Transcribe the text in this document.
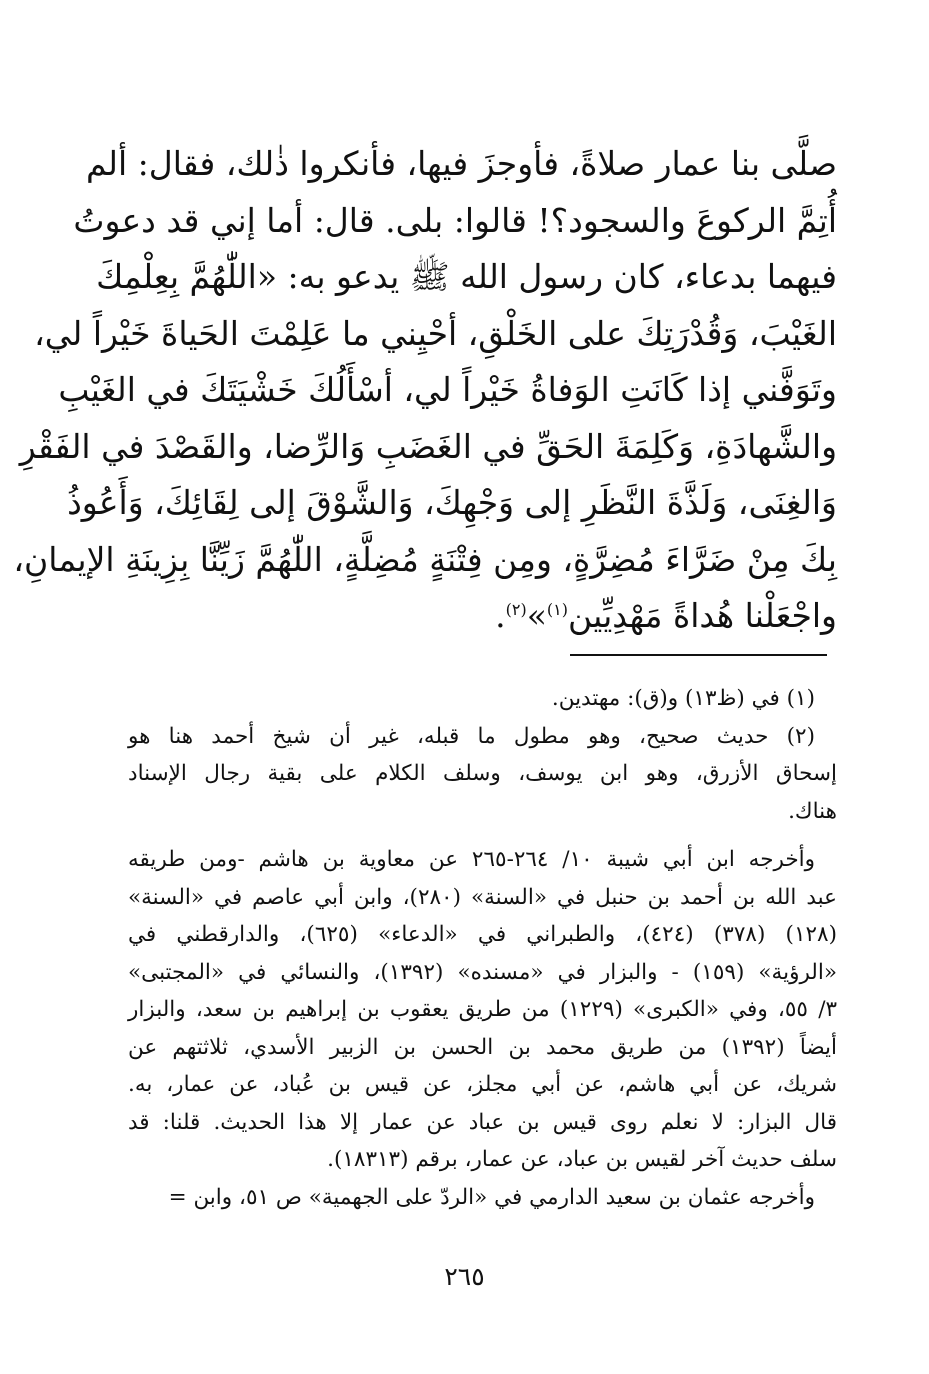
صلَّى بنا عمار صلاةً، فأوجزَ فيها، فأنكروا ذٰلك، فقال: ألم
أُتِمَّ الركوعَ والسجود؟! قالوا: بلى. قال: أما إني قد دعوتُ
فيهما بدعاء، كان رسول الله ﷺ يدعو به: «اللّٰهُمَّ بِعِلْمِكَ
الغَيْبَ، وَقُدْرَتِكَ على الخَلْقِ، أحْيِني ما عَلِمْتَ الحَياةَ خَيْراً لي،
وتَوَفَّني إذا كَانَتِ الوَفاةُ خَيْراً لي، أسْأَلُكَ خَشْيَتَكَ في الغَيْبِ
والشَّهادَةِ، وَكَلِمَةَ الحَقِّ في الغَضَبِ وَالرِّضا، والقَصْدَ في الفَقْرِ
وَالغِنَى، وَلَذَّةَ النَّظَرِ إلى وَجْهِكَ، وَالشَّوْقَ إلى لِقَائِكَ، وَأَعُوذُ
بِكَ مِنْ ضَرَّاءَ مُضِرَّةٍ، ومِن فِتْنَةٍ مُضِلَّةٍ، اللّٰهُمَّ زَيِّنَّا بِزِينَةِ الإيمانِ،
واجْعَلْنا هُداةً مَهْدِيِّين$^{(١)}$»$^{(٢)}$.
(١) في (ظ١٣) و(ق): مهتدين.
(٢) حديث صحيح، وهو مطول ما قبله، غير أن شيخ أحمد هنا هو
إسحاق الأزرق، وهو ابن يوسف، وسلف الكلام على بقية رجال الإسناد
هناك.
وأخرجه ابن أبي شيبة ١٠/ ٢٦٤-٢٦٥ عن معاوية بن هاشم -ومن طريقه
عبد الله بن أحمد بن حنبل في «السنة» (٢٨٠)، وابن أبي عاصم في «السنة»
(١٢٨) (٣٧٨) (٤٢٤)، والطبراني في «الدعاء» (٦٢٥)، والدارقطني في
«الرؤية» (١٥٩) - والبزار في «مسنده» (١٣٩٢)، والنسائي في «المجتبى»
٣/ ٥٥، وفي «الكبرى» (١٢٢٩) من طريق يعقوب بن إبراهيم بن سعد، والبزار
أيضاً (١٣٩٢) من طريق محمد بن الحسن بن الزبير الأسدي، ثلاثتهم عن
شريك، عن أبي هاشم، عن أبي مجلز، عن قيس بن عُباد، عن عمار، به.
قال البزار: لا نعلم روى قيس بن عباد عن عمار إلا هذا الحديث. قلنا: قد
سلف حديث آخر لقيس بن عباد، عن عمار، برقم (١٨٣١٣).
وأخرجه عثمان بن سعيد الدارمي في «الردّ على الجهمية» ص ٥١، وابن =
٢٦٥
